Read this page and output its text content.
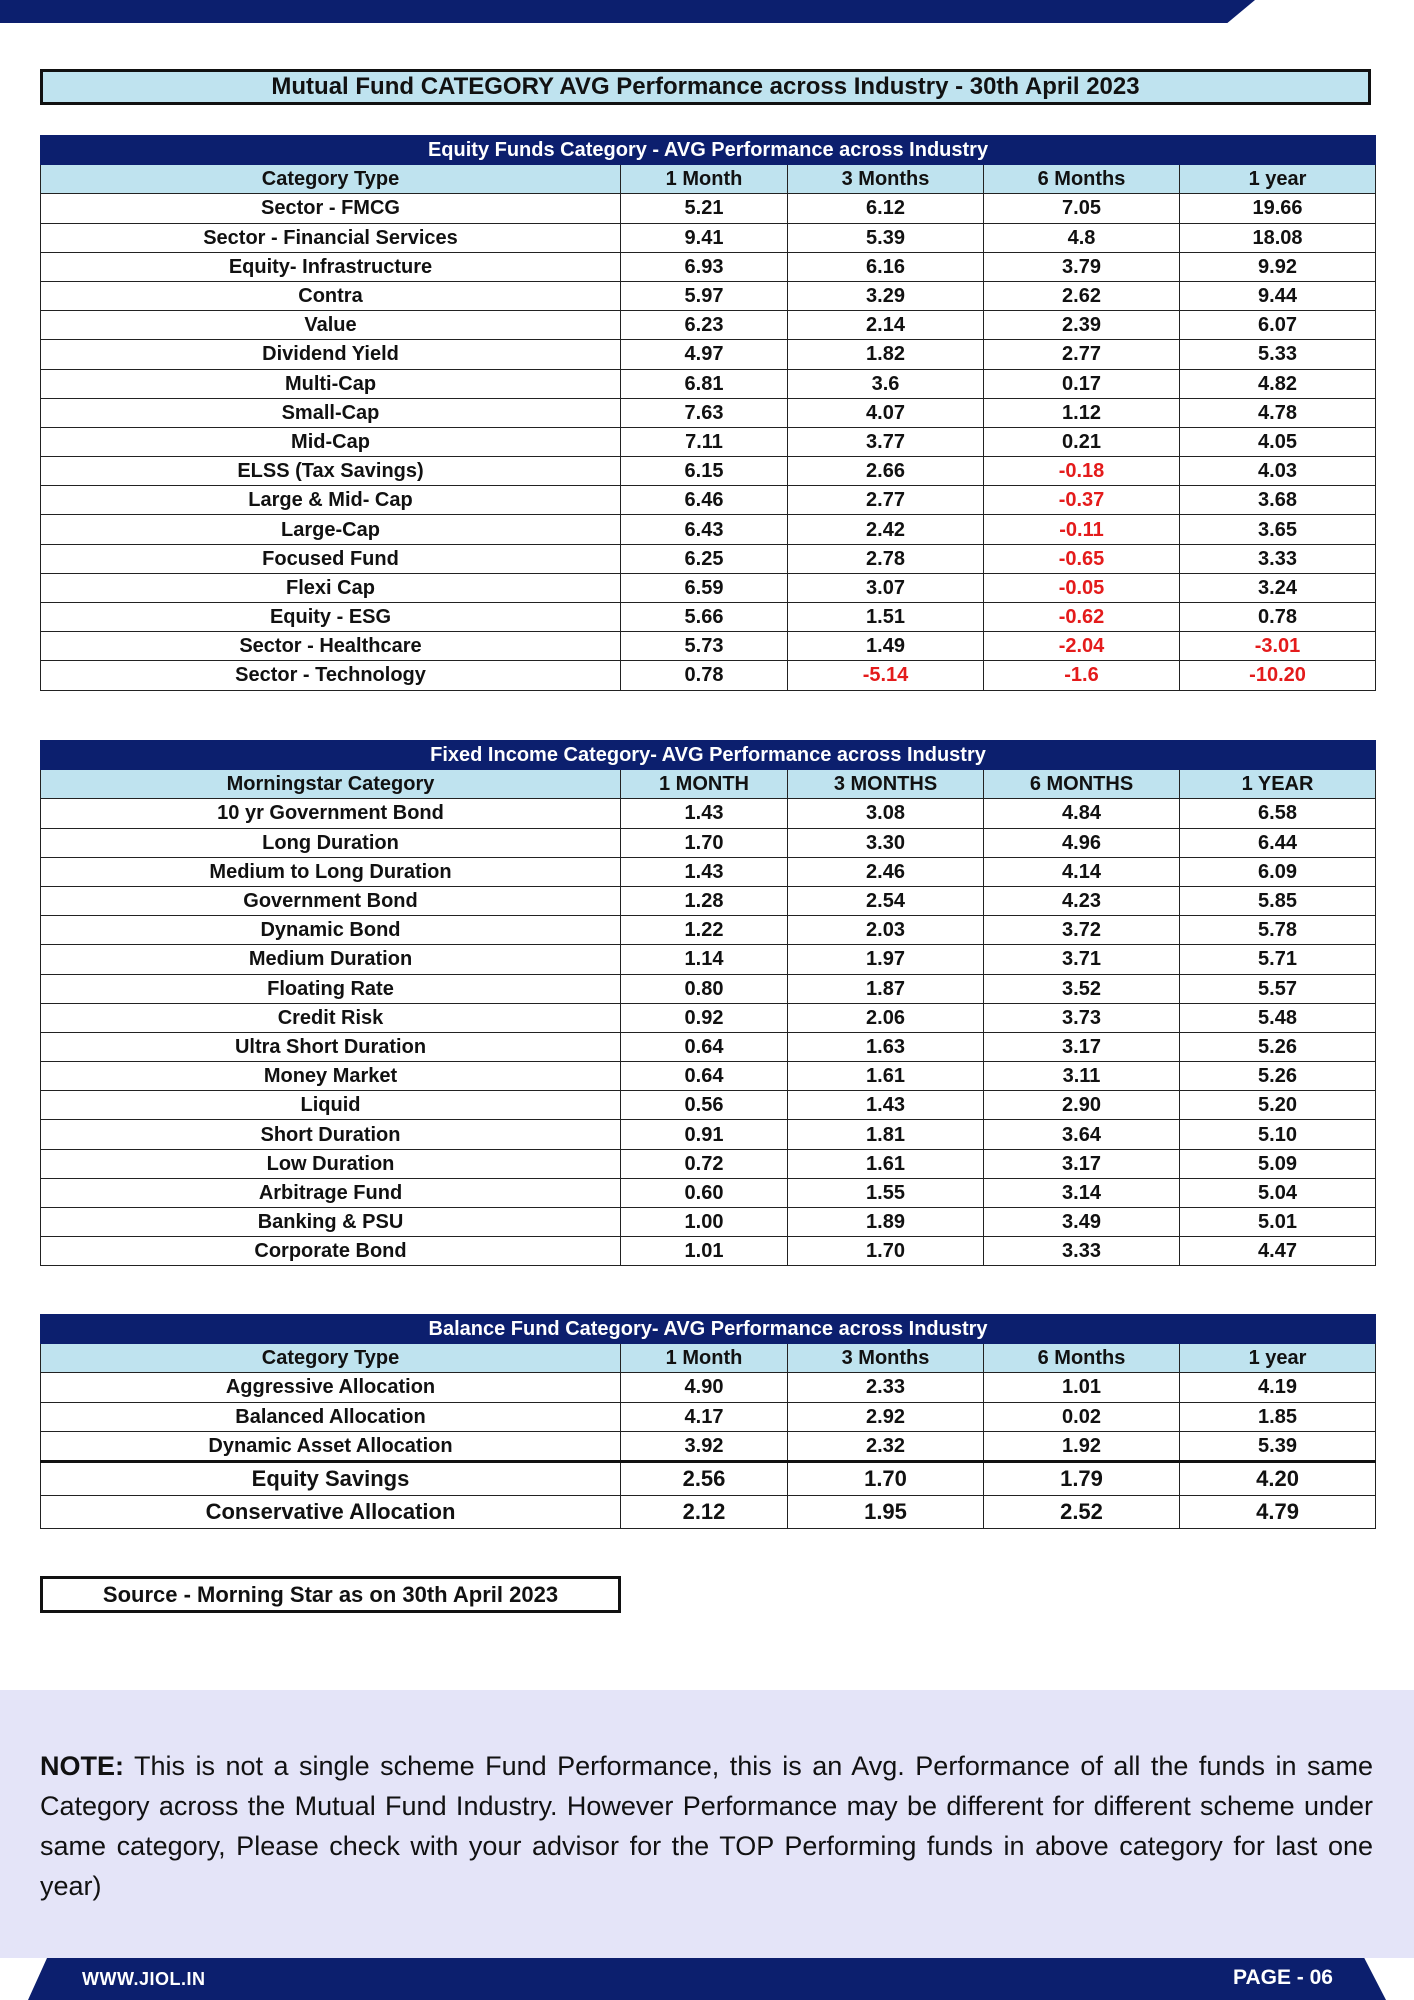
Mutual Fund CATEGORY AVG Performance across Industry - 30th April 2023
Equity Funds Category - AVG Performance across Industry				
Category Type	1 Month	3 Months	6 Months	1 year
Sector - FMCG	5.21	6.12	7.05	19.66
Sector - Financial Services	9.41	5.39	4.8	18.08
Equity- Infrastructure	6.93	6.16	3.79	9.92
Contra	5.97	3.29	2.62	9.44
Value	6.23	2.14	2.39	6.07
Dividend Yield	4.97	1.82	2.77	5.33
Multi-Cap	6.81	3.6	0.17	4.82
Small-Cap	7.63	4.07	1.12	4.78
Mid-Cap	7.11	3.77	0.21	4.05
ELSS (Tax Savings)	6.15	2.66	-0.18	4.03
Large & Mid- Cap	6.46	2.77	-0.37	3.68
Large-Cap	6.43	2.42	-0.11	3.65
Focused Fund	6.25	2.78	-0.65	3.33
Flexi Cap	6.59	3.07	-0.05	3.24
Equity - ESG	5.66	1.51	-0.62	0.78
Sector - Healthcare	5.73	1.49	-2.04	-3.01
Sector - Technology	0.78	-5.14	-1.6	-10.20
Fixed Income Category- AVG Performance across Industry				
Morningstar Category	1 MONTH	3 MONTHS	6 MONTHS	1 YEAR
10 yr Government Bond	1.43	3.08	4.84	6.58
Long Duration	1.70	3.30	4.96	6.44
Medium to Long Duration	1.43	2.46	4.14	6.09
Government Bond	1.28	2.54	4.23	5.85
Dynamic Bond	1.22	2.03	3.72	5.78
Medium Duration	1.14	1.97	3.71	5.71
Floating Rate	0.80	1.87	3.52	5.57
Credit Risk	0.92	2.06	3.73	5.48
Ultra Short Duration	0.64	1.63	3.17	5.26
Money Market	0.64	1.61	3.11	5.26
Liquid	0.56	1.43	2.90	5.20
Short Duration	0.91	1.81	3.64	5.10
Low Duration	0.72	1.61	3.17	5.09
Arbitrage Fund	0.60	1.55	3.14	5.04
Banking & PSU	1.00	1.89	3.49	5.01
Corporate Bond	1.01	1.70	3.33	4.47
Balance Fund Category- AVG Performance across Industry				
Category Type	1 Month	3 Months	6 Months	1 year
Aggressive Allocation	4.90	2.33	1.01	4.19
Balanced Allocation	4.17	2.92	0.02	1.85
Dynamic Asset Allocation	3.92	2.32	1.92	5.39
Equity Savings	2.56	1.70	1.79	4.20
Conservative Allocation	2.12	1.95	2.52	4.79
Source - Morning Star as on 30th April 2023
NOTE: This is not a single scheme Fund Performance, this is an Avg. Performance of all the funds in same Category across the Mutual Fund Industry. However Performance may be different for different scheme under same category, Please check with your advisor for the TOP Performing funds in above category for last one year)
WWW.JIOL.IN	PAGE - 06
